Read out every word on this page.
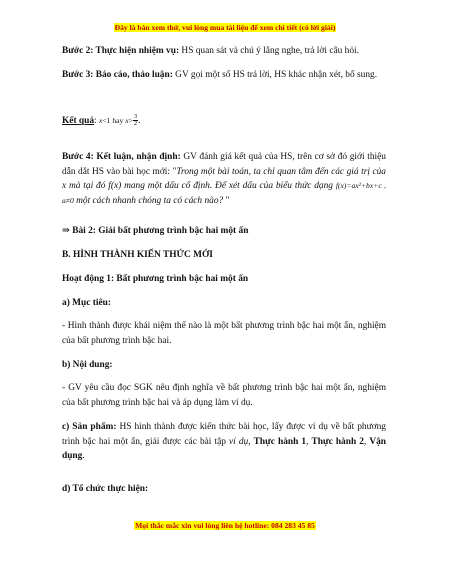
Đây là bản xem thử, vui lòng mua tài liệu để xem chi tiết (có lời giải)

Bước 2: Thực hiện nhiệm vụ: HS quan sát và chú ý lắng nghe, trả lời câu hỏi.

Bước 3: Báo cáo, thảo luận: GV gọi một số HS trả lời, HS khác nhận xét, bổ sung.

Kết quả: x<1 hay $x> \frac{3}{2}$ .

Bước 4: Kết luận, nhận định: GV đánh giá kết quả của HS, trên cơ sở đó giới thiệu dẫn dắt HS vào bài học mới: "Trong một bài toán, ta chỉ quan tâm đến các giá trị của x mà tại đó f(x) mang một dấu cố định. Để xét dấu của biểu thức dạng f(x)=ax²+bx+c , a≠0 một cách nhanh chóng ta có cách nào? "

⇒ Bài 2: Giải bất phương trình bậc hai một ẩn

B. HÌNH THÀNH KIẾN THỨC MỚI

Hoạt động 1: Bất phương trình bậc hai một ẩn

a) Mục tiêu:

- Hình thành được khái niệm thế nào là một bất phương trình bậc hai một ẩn, nghiệm của bất phương trình bậc hai.

b) Nội dung:

- GV yêu cầu đọc SGK nêu định nghĩa về bất phương trình bậc hai một ẩn, nghiệm của bất phương trình bậc hai và áp dụng làm ví dụ.

c) Sản phẩm: HS hình thành được kiến thức bài học, lấy được ví dụ về bất phương trình bậc hai một ẩn, giải được các bài tập ví dụ, Thực hành 1, Thực hành 2, Vận dụng.

d) Tổ chức thực hiện:

Mọi thắc mắc xin vui lòng liên hệ hotline: 084 283 45 85
